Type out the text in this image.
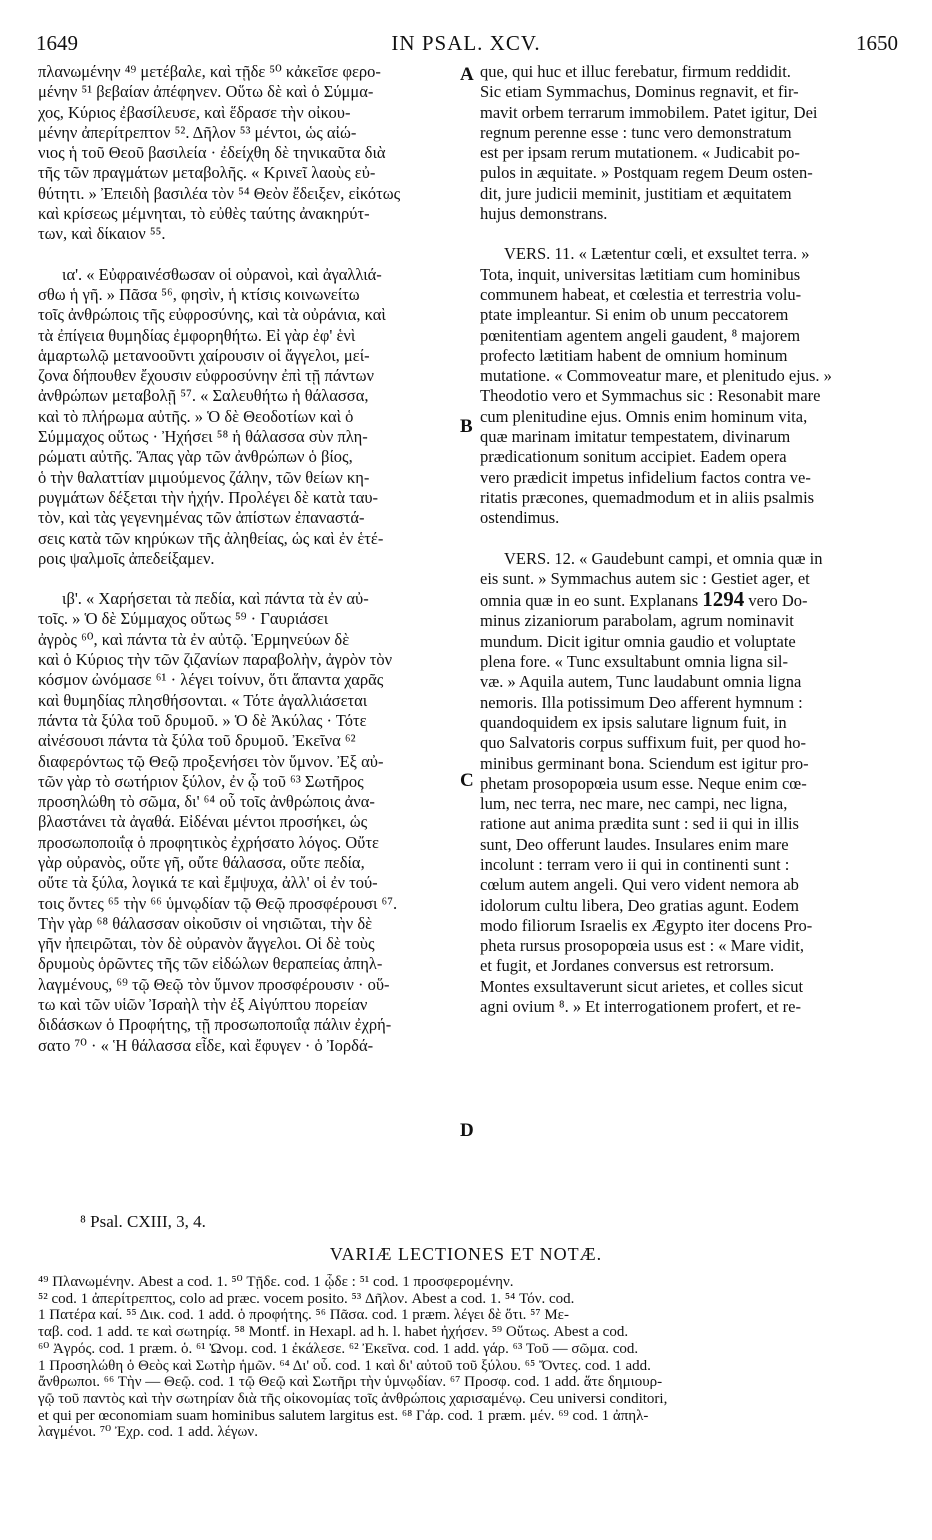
1649	IN PSAL. XCV.	1650
A
B
C
D
πλανωμένην ⁴⁹ μετέβαλε, καὶ τῇδε ⁵⁰ κἀκεῖσε φερο-
μένην ⁵¹ βεβαίαν ἀπέφηνεν. Οὕτω δὲ καὶ ὁ Σύμμα-
χος, Κύριος ἐβασίλευσε, καὶ ἕδρασε τὴν οἰκου-
μένην ἀπερίτρεπτον ⁵². Δῆλον ⁵³ μέντοι, ὡς αἰώ-
νιος ἡ τοῦ Θεοῦ βασιλεία · ἐδείχθη δὲ τηνικαῦτα διὰ
τῆς τῶν πραγμάτων μεταβολῆς. « Κρινεῖ λαοὺς εὐ-
θύτητι. » Ἐπειδὴ βασιλέα τὸν ⁵⁴ Θεὸν ἔδειξεν, εἰκότως
καὶ κρίσεως μέμνηται, τὸ εὐθὲς ταύτης ἀνακηρύτ-
των, καὶ δίκαιον ⁵⁵.
ια'. « Εὐφραινέσθωσαν οἱ οὐρανοὶ, καὶ ἀγαλλιά-
σθω ἡ γῆ. » Πᾶσα ⁵⁶, φησὶν, ἡ κτίσις κοινωνείτω
τοῖς ἀνθρώποις τῆς εὐφροσύνης, καὶ τὰ οὐράνια, καὶ
τὰ ἐπίγεια θυμηδίας ἐμφορηθήτω. Εἰ γὰρ ἐφ' ἑνὶ
ἁμαρτωλῷ μετανοοῦντι χαίρουσιν οἱ ἄγγελοι, μεί-
ζονα δήπουθεν ἔχουσιν εὐφροσύνην ἐπὶ τῇ πάντων
ἀνθρώπων μεταβολῇ ⁵⁷. « Σαλευθήτω ἡ θάλασσα,
καὶ τὸ πλήρωμα αὐτῆς. » Ὁ δὲ Θεοδοτίων καὶ ὁ
Σύμμαχος οὕτως · Ἠχήσει ⁵⁸ ἡ θάλασσα σὺν πλη-
ρώματι αὐτῆς. Ἅπας γὰρ τῶν ἀνθρώπων ὁ βίος,
ὁ τὴν θαλαττίαν μιμούμενος ζάλην, τῶν θείων κη-
ρυγμάτων δέξεται τὴν ἠχήν. Προλέγει δὲ κατὰ ταυ-
τὸν, καὶ τὰς γεγενημένας τῶν ἀπίστων ἐπαναστά-
σεις κατὰ τῶν κηρύκων τῆς ἀληθείας, ὡς καὶ ἐν ἑτέ-
ροις ψαλμοῖς ἀπεδείξαμεν.
ιβ'. « Χαρήσεται τὰ πεδία, καὶ πάντα τὰ ἐν αὐ-
τοῖς. » Ὁ δὲ Σύμμαχος οὕτως ⁵⁹ · Γαυριάσει
ἀγρὸς ⁶⁰, καὶ πάντα τὰ ἐν αὐτῷ. Ἑρμηνεύων δὲ
καὶ ὁ Κύριος τὴν τῶν ζιζανίων παραβολὴν, ἀγρὸν τὸν
κόσμον ὠνόμασε ⁶¹ · λέγει τοίνυν, ὅτι ἅπαντα χαρᾶς
καὶ θυμηδίας πλησθήσονται. « Τότε ἀγαλλιάσεται
πάντα τὰ ξύλα τοῦ δρυμοῦ. » Ὁ δὲ Ἀκύλας · Τότε
αἰνέσουσι πάντα τὰ ξύλα τοῦ δρυμοῦ. Ἐκεῖνα ⁶²
διαφερόντως τῷ Θεῷ προξενήσει τὸν ὕμνον. Ἐξ αὐ-
τῶν γὰρ τὸ σωτήριον ξύλον, ἐν ᾧ τοῦ ⁶³ Σωτῆρος
προσηλώθη τὸ σῶμα, δι' ⁶⁴ οὗ τοῖς ἀνθρώποις ἀνα-
βλαστάνει τὰ ἀγαθά. Εἰδέναι μέντοι προσήκει, ὡς
προσωποποιΐᾳ ὁ προφητικὸς ἐχρήσατο λόγος. Οὔτε
γὰρ οὐρανὸς, οὔτε γῆ, οὔτε θάλασσα, οὔτε πεδία,
οὔτε τὰ ξύλα, λογικά τε καὶ ἔμψυχα, ἀλλ' οἱ ἐν τού-
τοις ὄντες ⁶⁵ τὴν ⁶⁶ ὑμνῳδίαν τῷ Θεῷ προσφέρουσι ⁶⁷.
Τὴν γὰρ ⁶⁸ θάλασσαν οἰκοῦσιν οἱ νησιῶται, τὴν δὲ
γῆν ἠπειρῶται, τὸν δὲ οὐρανὸν ἄγγελοι. Οἱ δὲ τοὺς
δρυμοὺς ὁρῶντες τῆς τῶν εἰδώλων θεραπείας ἀπηλ-
λαγμένους, ⁶⁹ τῷ Θεῷ τὸν ὕμνον προσφέρουσιν · οὕ-
τω καὶ τῶν υἱῶν Ἰσραὴλ τὴν ἐξ Αἰγύπτου πορείαν
διδάσκων ὁ Προφήτης, τῇ προσωποποιΐᾳ πάλιν ἐχρή-
σατο ⁷⁰ · « Ἡ θάλασσα εἶδε, καὶ ἔφυγεν · ὁ Ἰορδά-
que, qui huc et illuc ferebatur, firmum reddidit.
Sic etiam Symmachus, Dominus regnavit, et fir-
mavit orbem terrarum immobilem. Patet igitur, Dei
regnum perenne esse : tunc vero demonstratum
est per ipsam rerum mutationem. « Judicabit po-
pulos in æquitate. » Postquam regem Deum osten-
dit, jure judicii meminit, justitiam et æquitatem
hujus demonstrans.
VERS. 11. « Lætentur cœli, et exsultet terra. »
Tota, inquit, universitas lætitiam cum hominibus
communem habeat, et cœlestia et terrestria volu-
ptate impleantur. Si enim ob unum peccatorem
pœnitentiam agentem angeli gaudent, ⁸ majorem
profecto lætitiam habent de omnium hominum
mutatione. « Commoveatur mare, et plenitudo ejus. »
Theodotio vero et Symmachus sic : Resonabit mare
cum plenitudine ejus. Omnis enim hominum vita,
quæ marinam imitatur tempestatem, divinarum
prædicationum sonitum accipiet. Eadem opera
vero prædicit impetus infidelium factos contra ve-
ritatis præcones, quemadmodum et in aliis psalmis
ostendimus.
VERS. 12. « Gaudebunt campi, et omnia quæ in
eis sunt. » Symmachus autem sic : Gestiet ager, et
omnia quæ in eo sunt. Explanans 1294 vero Do-
minus zizaniorum parabolam, agrum nominavit
mundum. Dicit igitur omnia gaudio et voluptate
plena fore. « Tunc exsultabunt omnia ligna sil-
væ. » Aquila autem, Tunc laudabunt omnia ligna
nemoris. Illa potissimum Deo afferent hymnum :
quandoquidem ex ipsis salutare lignum fuit, in
quo Salvatoris corpus suffixum fuit, per quod ho-
minibus germinant bona. Sciendum est igitur pro-
phetam prosopopœia usum esse. Neque enim cœ-
lum, nec terra, nec mare, nec campi, nec ligna,
ratione aut anima prædita sunt : sed ii qui in illis
sunt, Deo offerunt laudes. Insulares enim mare
incolunt : terram vero ii qui in continenti sunt :
cœlum autem angeli. Qui vero vident nemora ab
idolorum cultu libera, Deo gratias agunt. Eodem
modo filiorum Israelis ex Ægypto iter docens Pro-
pheta rursus prosopopœia usus est : « Mare vidit,
et fugit, et Jordanes conversus est retrorsum.
Montes exsultaverunt sicut arietes, et colles sicut
agni ovium ⁸. » Et interrogationem profert, et re-
⁸ Psal. CXIII, 3, 4.
VARIÆ LECTIONES ET NOTÆ.
⁴⁹ Πλανωμένην. Abest a cod. 1. ⁵⁰ Τῇδε. cod. 1 ᾧδε : ⁵¹ cod. 1 προσφερομένην.
⁵² cod. 1 ἀπερίτρεπτος, colo ad præc. vocem posito. ⁵³ Δῆλον. Abest a cod. 1. ⁵⁴ Τόν. cod.
1 Πατέρα καί. ⁵⁵ Δικ. cod. 1 add. ὁ προφήτης. ⁵⁶ Πᾶσα. cod. 1 præm. λέγει δὲ ὅτι. ⁵⁷ Με-
ταβ. cod. 1 add. τε καὶ σωτηρίᾳ. ⁵⁸ Montf. in Hexapl. ad h. l. habet ἠχήσεν. ⁵⁹ Οὕτως. Abest a cod.
⁶⁰ Ἀγρός. cod. 1 præm. ὁ. ⁶¹ Ὠνομ. cod. 1 ἐκάλεσε. ⁶² Ἐκεῖνα. cod. 1 add. γάρ. ⁶³ Τοῦ — σῶμα. cod.
1 Προσηλώθη ὁ Θεὸς καὶ Σωτὴρ ἡμῶν. ⁶⁴ Δι' οὗ. cod. 1 καὶ δι' αὐτοῦ τοῦ ξύλου. ⁶⁵ Ὄντες. cod. 1 add.
ἄνθρωποι. ⁶⁶ Τὴν — Θεῷ. cod. 1 τῷ Θεῷ καὶ Σωτῆρι τὴν ὑμνῳδίαν. ⁶⁷ Προσφ. cod. 1 add. ἅτε δημιουρ-
γῷ τοῦ παντὸς καὶ τὴν σωτηρίαν διὰ τῆς οἰκονομίας τοῖς ἀνθρώποις χαρισαμένῳ. Ceu universi conditori,
et qui per œconomiam suam hominibus salutem largitus est. ⁶⁸ Γάρ. cod. 1 præm. μέν. ⁶⁹ cod. 1 ἀπηλ-
λαγμένοι. ⁷⁰ Ἐχρ. cod. 1 add. λέγων.
